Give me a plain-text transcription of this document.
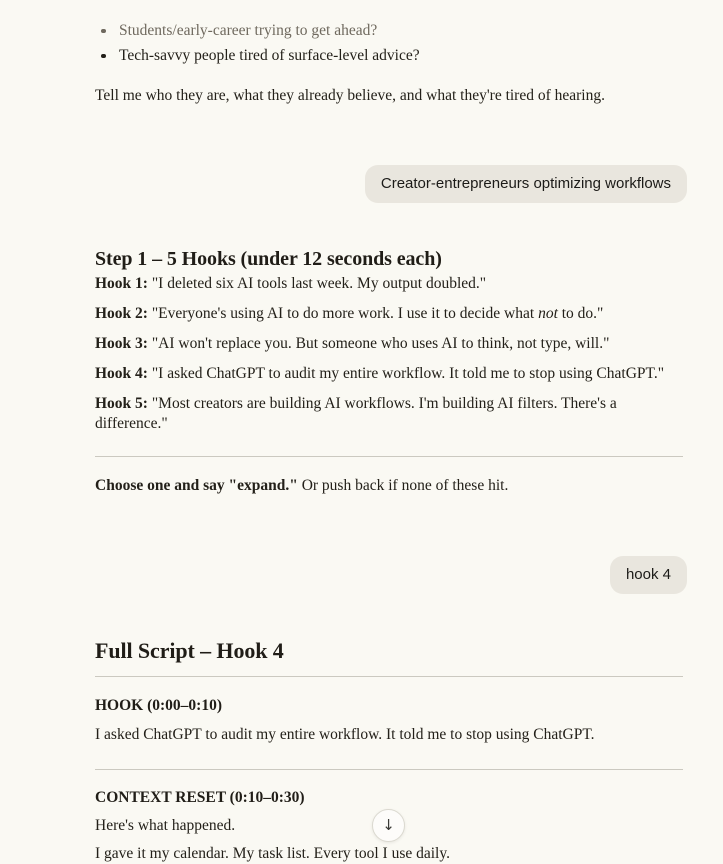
Students/early-career trying to get ahead?
Tech-savvy people tired of surface-level advice?

Tell me who they are, what they already believe, and what they're tired of hearing.

Creator-entrepreneurs optimizing workflows
Step 1 – 5 Hooks (under 12 seconds each)

Hook 1: "I deleted six AI tools last week. My output doubled."

Hook 2: "Everyone's using AI to do more work. I use it to decide what not to do."

Hook 3: "AI won't replace you. But someone who uses AI to think, not type, will."

Hook 4: "I asked ChatGPT to audit my entire workflow. It told me to stop using ChatGPT."

Hook 5: "Most creators are building AI workflows. I'm building AI filters. There's a difference."

Choose one and say "expand." Or push back if none of these hit.

hook 4
Full Script – Hook 4
HOOK (0:00–0:10)

I asked ChatGPT to audit my entire workflow. It told me to stop using ChatGPT.

CONTEXT RESET (0:10–0:30)

Here's what happened.

I gave it my calendar. My task list. Every tool I use daily.

↓
